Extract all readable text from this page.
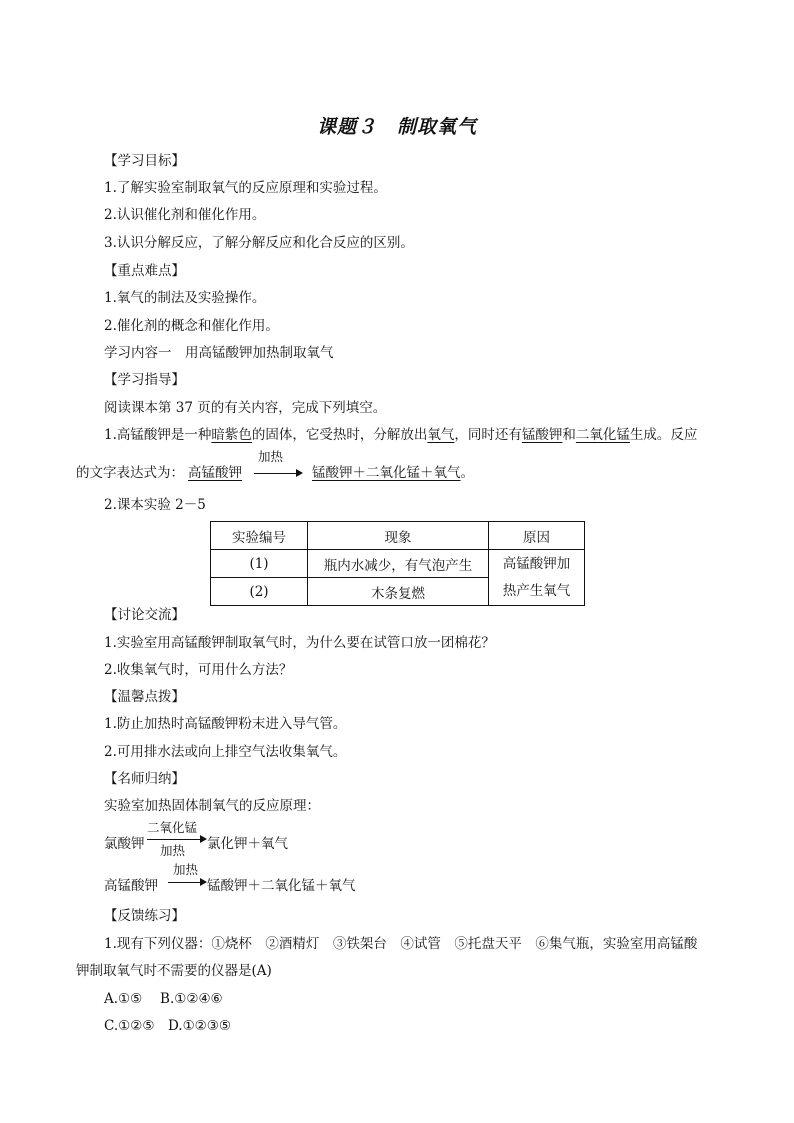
课题３　制取氧气
【学习目标】
1.了解实验室制取氧气的反应原理和实验过程。
2.认识催化剂和催化作用。
3.认识分解反应，了解分解反应和化合反应的区别。
【重点难点】
1.氧气的制法及实验操作。
2.催化剂的概念和催化作用。
学习内容一　用高锰酸钾加热制取氧气
【学习指导】
阅读课本第 37 页的有关内容，完成下列填空。
1.高锰酸钾是一种暗紫色的固体，它受热时，分解放出氧气，同时还有锰酸钾和二氧化锰生成。反应
的文字表达式为： 高锰酸钾
加热
锰酸钾＋二氧化锰＋氧气。
2.课本实验 2－5
实验编号	现象	原因
(1)	瓶内水减少，有气泡产生	高锰酸钾加
热产生氧气

(2)	木条复燃	
【讨论交流】
1.实验室用高锰酸钾制取氧气时，为什么要在试管口放一团棉花？
2.收集氧气时，可用什么方法？
【温馨点拨】
1.防止加热时高锰酸钾粉末进入导气管。
2.可用排水法或向上排空气法收集氧气。
【名师归纳】
实验室加热固体制氧气的反应原理：
氯酸钾
二氧化锰
加热 氯化钾＋氧气
高锰酸钾
加热
锰酸钾＋二氧化锰＋氧气
【反馈练习】
1.现有下列仪器：①烧杯　②酒精灯　③铁架台　④试管　⑤托盘天平　⑥集气瓶，实验室用高锰酸
钾制取氧气时不需要的仪器是(A)
A.①⑤　 B.①②④⑥
C.①②⑤　D.①②③⑤
